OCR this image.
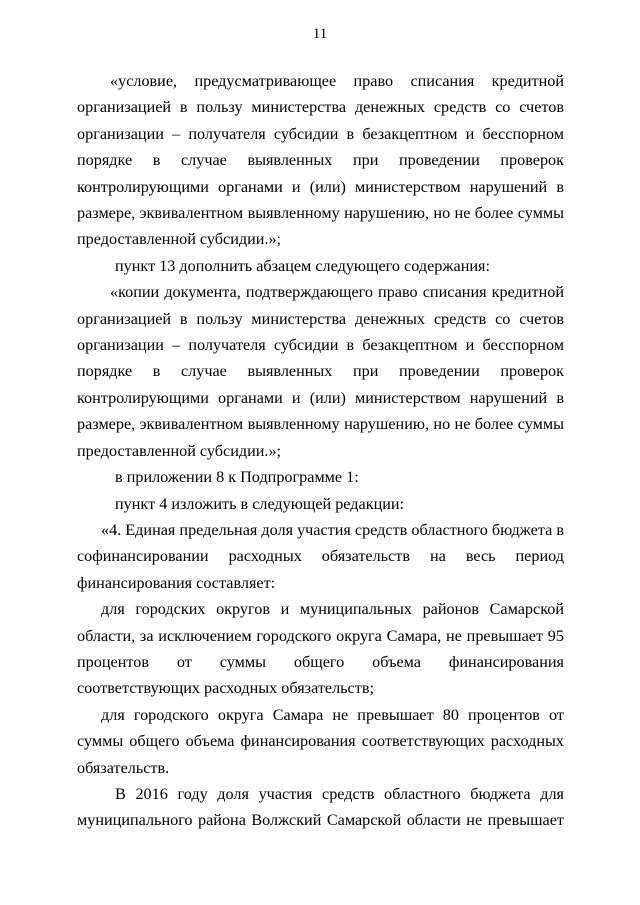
11

«условие, предусматривающее право списания кредитной организацией в пользу министерства денежных средств со счетов организации – получателя субсидии в безакцептном и бесспорном порядке в случае выявленных при проведении проверок контролирующими органами и (или) министерством нарушений в размере, эквивалентном выявленному нарушению, но не более суммы предоставленной субсидии.»;

пункт 13 дополнить абзацем следующего содержания:

«копии документа, подтверждающего право списания кредитной организацией в пользу министерства денежных средств со счетов организации – получателя субсидии в безакцептном и бесспорном порядке в случае выявленных при проведении проверок контролирующими органами и (или) министерством нарушений в размере, эквивалентном выявленному нарушению, но не более суммы предоставленной субсидии.»;

в приложении 8 к Подпрограмме 1:

пункт 4 изложить в следующей редакции:

«4. Единая предельная доля участия средств областного бюджета в софинансировании расходных обязательств на весь период финансирования составляет:

для городских округов и муниципальных районов Самарской области, за исключением городского округа Самара, не превышает 95 процентов от суммы общего объема финансирования соответствующих расходных обязательств;

для городского округа Самара не превышает 80 процентов от суммы общего объема финансирования соответствующих расходных обязательств.

В 2016 году доля участия средств областного бюджета для муниципального района Волжский Самарской области не превышает
